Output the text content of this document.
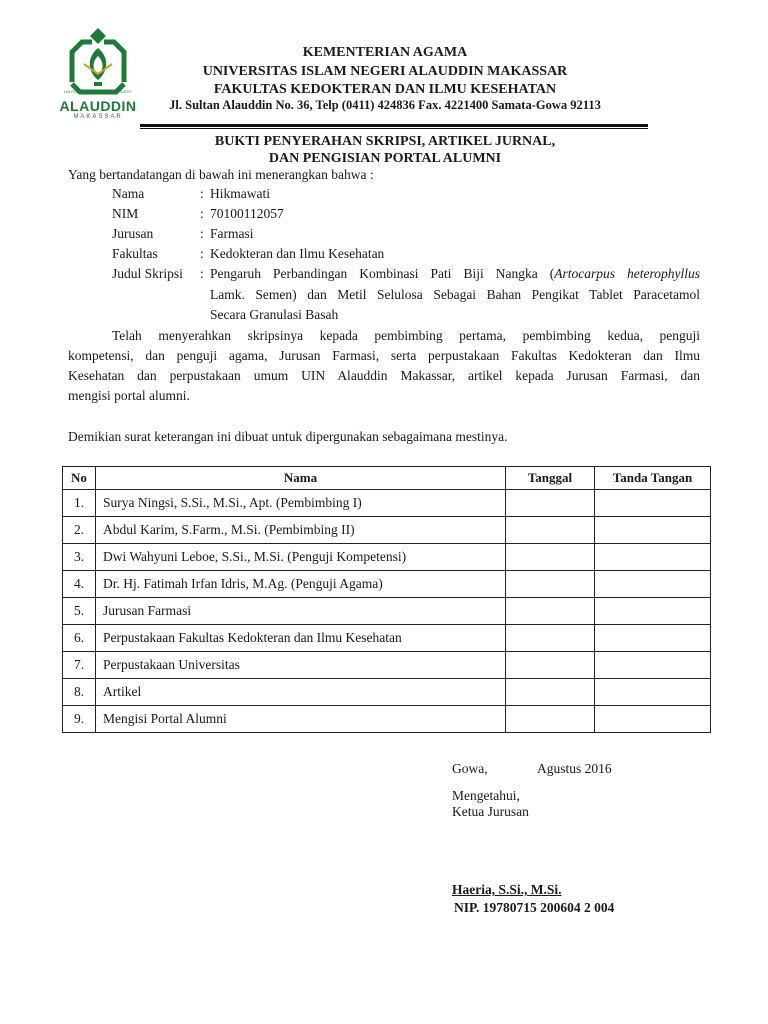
UNIVERSITAS ISLAM NEGERI
ALAUDDIN
MAKASSAR
KEMENTERIAN AGAMA
UNIVERSITAS ISLAM NEGERI ALAUDDIN MAKASSAR
FAKULTAS KEDOKTERAN DAN ILMU KESEHATAN
Jl. Sultan Alauddin No. 36, Telp (0411) 424836 Fax. 4221400 Samata-Gowa 92113
BUKTI PENYERAHAN SKRIPSI, ARTIKEL JURNAL,
DAN PENGISIAN PORTAL ALUMNI
Yang bertandatangan di bawah ini menerangkan bahwa :
Nama	: Hikmawati
NIM	: 70100112057
Jurusan	: Farmasi
Fakultas	: Kedokteran dan Ilmu Kesehatan
Judul Skripsi : Pengaruh Perbandingan Kombinasi Pati Biji Nangka (Artocarpus heterophyllus
Lamk. Semen) dan Metil Selulosa Sebagai Bahan Pengikat Tablet Paracetamol
Secara Granulasi Basah
Telah menyerahkan skripsinya kepada pembimbing pertama, pembimbing kedua, penguji
kompetensi, dan penguji agama, Jurusan Farmasi, serta perpustakaan Fakultas Kedokteran dan Ilmu
Kesehatan dan perpustakaan umum UIN Alauddin Makassar, artikel kepada Jurusan Farmasi, dan
mengisi portal alumni.
Demikian surat keterangan ini dibuat untuk dipergunakan sebagaimana mestinya.
No	Nama	Tanggal	Tanda Tangan
1.	Surya Ningsi, S.Si., M.Si., Apt. (Pembimbing I)		
2.	Abdul Karim, S.Farm., M.Si. (Pembimbing II)		
3.	Dwi Wahyuni Leboe, S.Si., M.Si. (Penguji Kompetensi)		
4.	Dr. Hj. Fatimah Irfan Idris, M.Ag. (Penguji Agama)		
5.	Jurusan Farmasi		
6.	Perpustakaan Fakultas Kedokteran dan Ilmu Kesehatan		
7.	Perpustakaan Universitas		
8.	Artikel		
9.	Mengisi Portal Alumni		
Gowa,	Agustus 2016
Mengetahui,
Ketua Jurusan
Haeria, S.Si., M.Si.
NIP. 19780715 200604 2 004
